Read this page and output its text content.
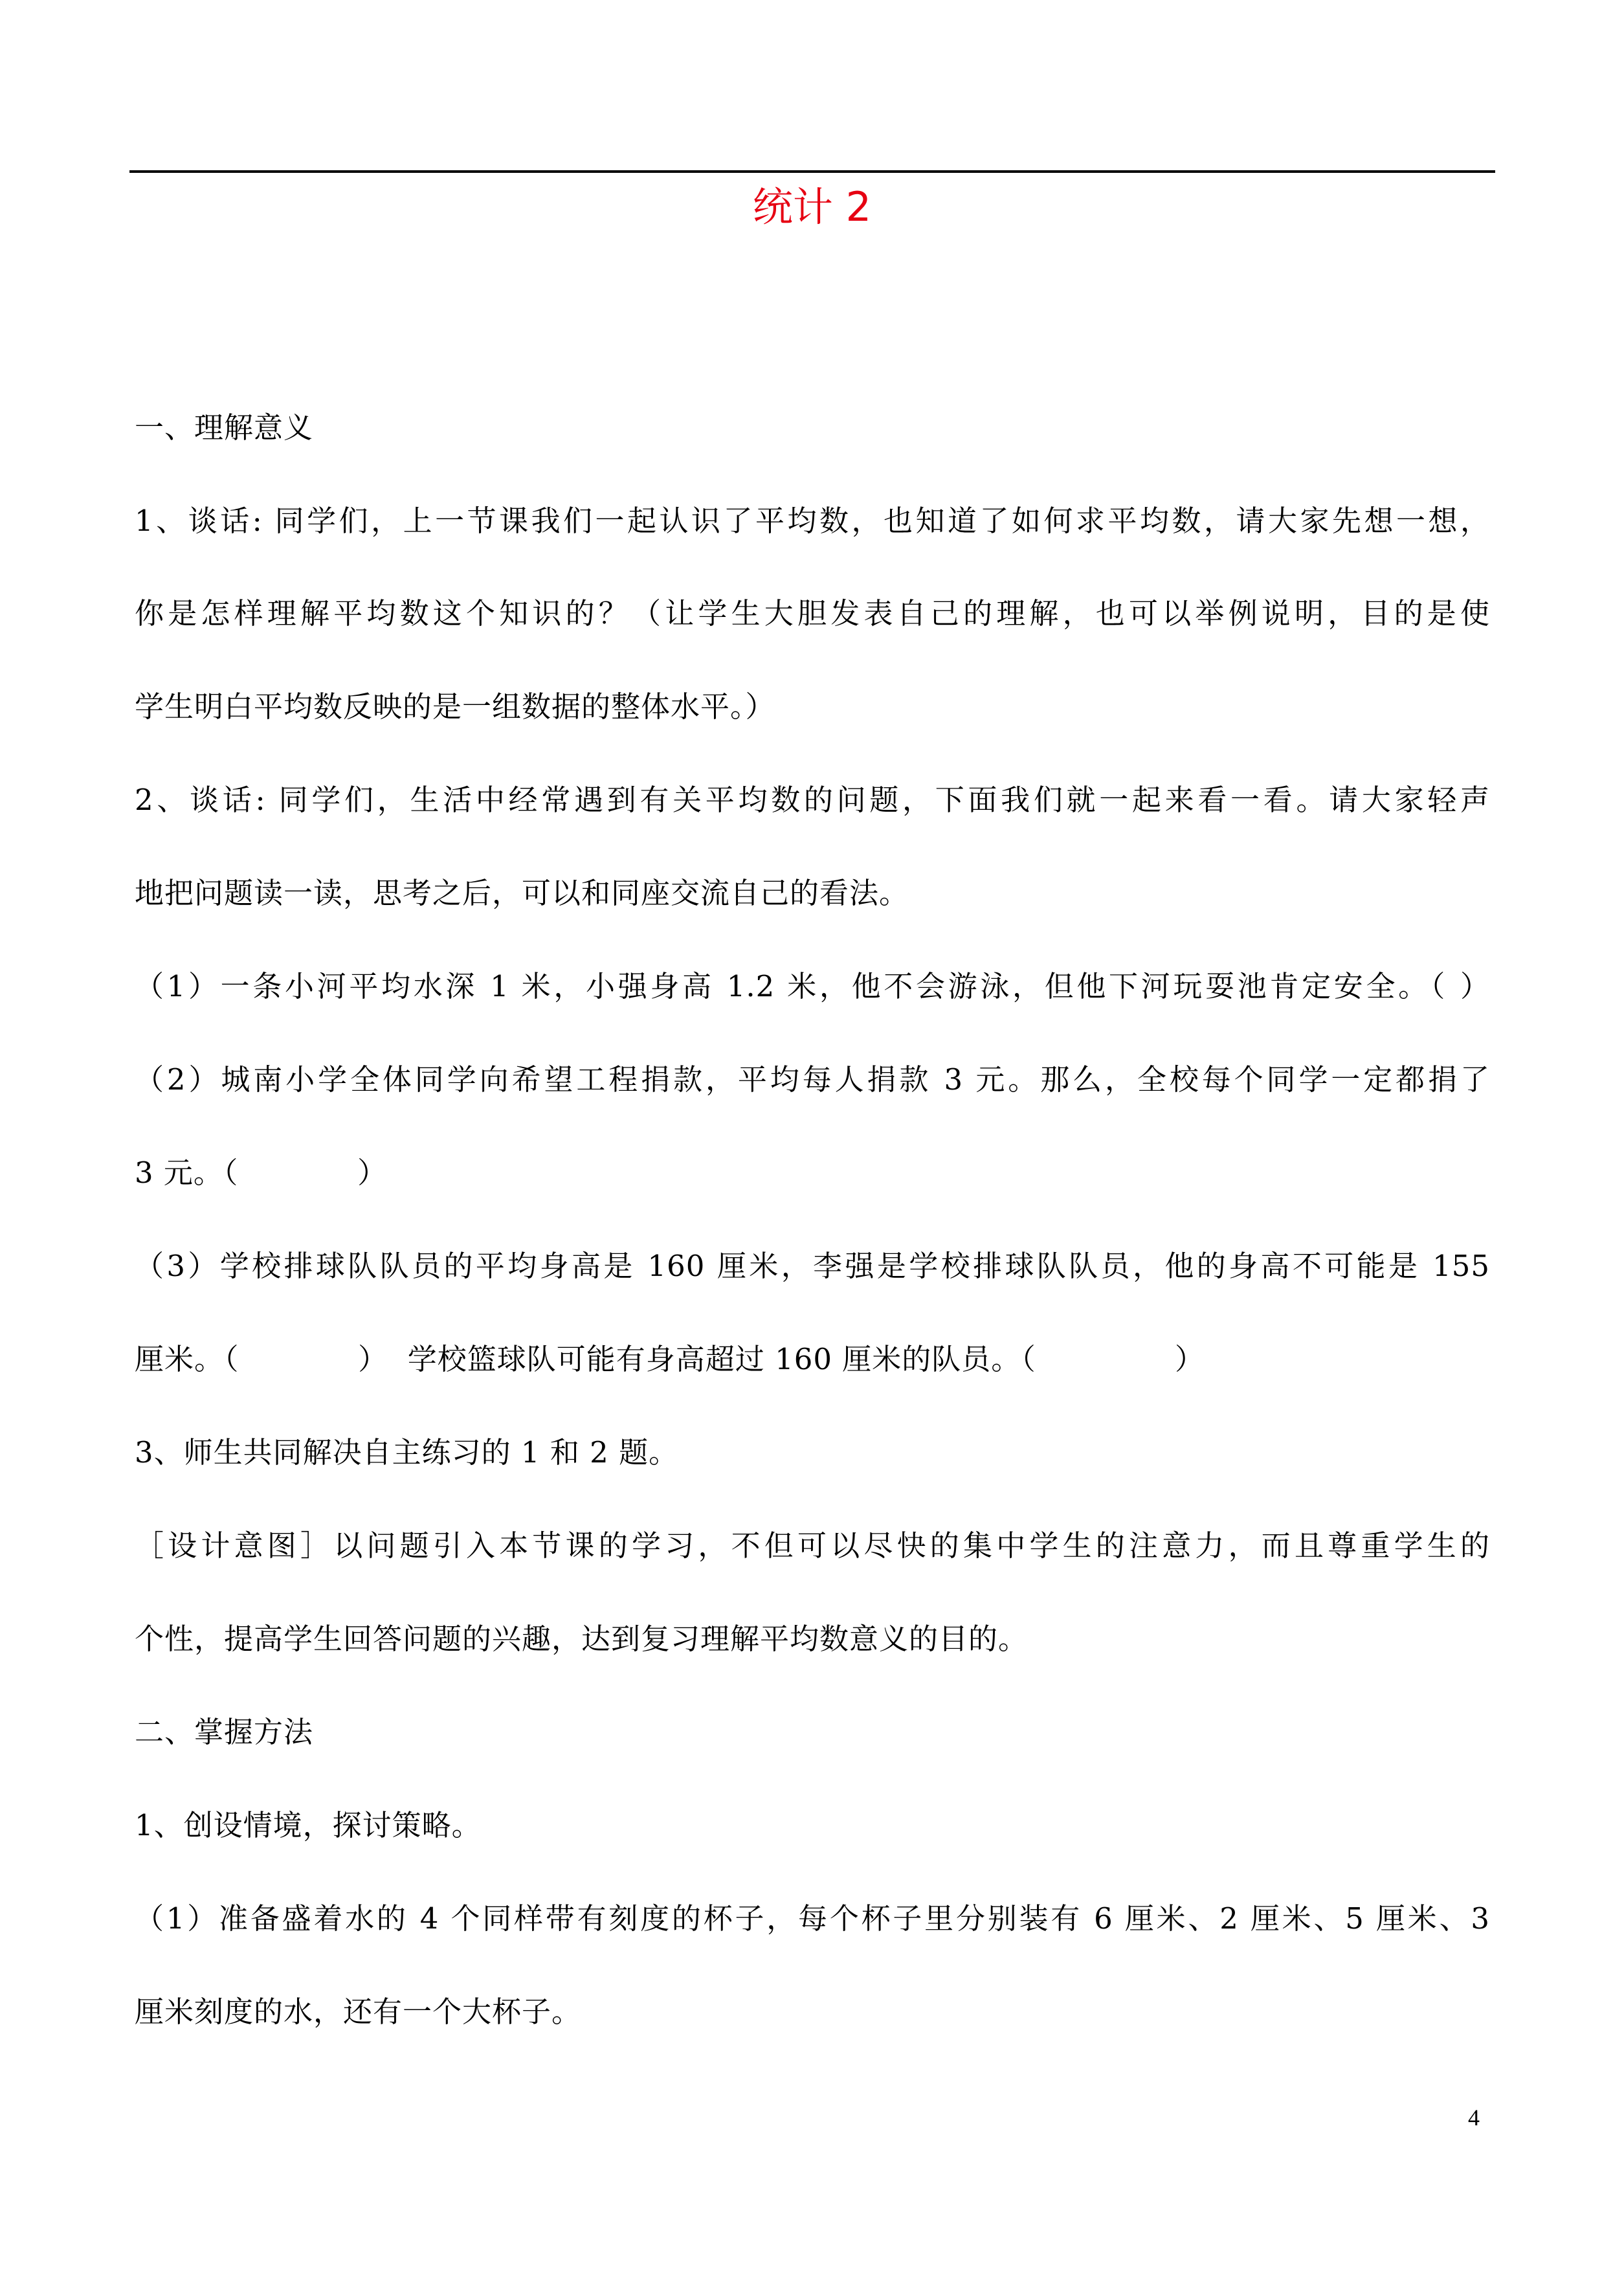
统计 2
一、理解意义
1、谈话: 同学们，上一节课我们一起认识了平均数，也知道了如何求平均数，请大家先想一想，
你是怎样理解平均数这个知识的？（让学生大胆发表自己的理解，也可以举例说明，目的是使
学生明白平均数反映的是一组数据的整体水平。）
2、谈话: 同学们，生活中经常遇到有关平均数的问题，下面我们就一起来看一看。请大家轻声
地把问题读一读，思考之后，可以和同座交流自己的看法。
（1）一条小河平均水深 1 米，小强身高 1.2 米，他不会游泳，但他下河玩耍池肯定安全。（ ）
（2）城南小学全体同学向希望工程捐款，平均每人捐款 3 元。那么，全校每个同学一定都捐了
3 元。（            ）
（3）学校排球队队员的平均身高是 160 厘米，李强是学校排球队队员，他的身高不可能是 155
厘米。（            ）  学校篮球队可能有身高超过 160 厘米的队员。（              ）
3、师生共同解决自主练习的 1 和 2 题。
［设计意图］以问题引入本节课的学习，不但可以尽快的集中学生的注意力，而且尊重学生的
个性，提高学生回答问题的兴趣，达到复习理解平均数意义的目的。
二、掌握方法
1、创设情境，探讨策略。
（1）准备盛着水的 4 个同样带有刻度的杯子，每个杯子里分别装有 6 厘米、2 厘米、5 厘米、3
厘米刻度的水，还有一个大杯子。
4
